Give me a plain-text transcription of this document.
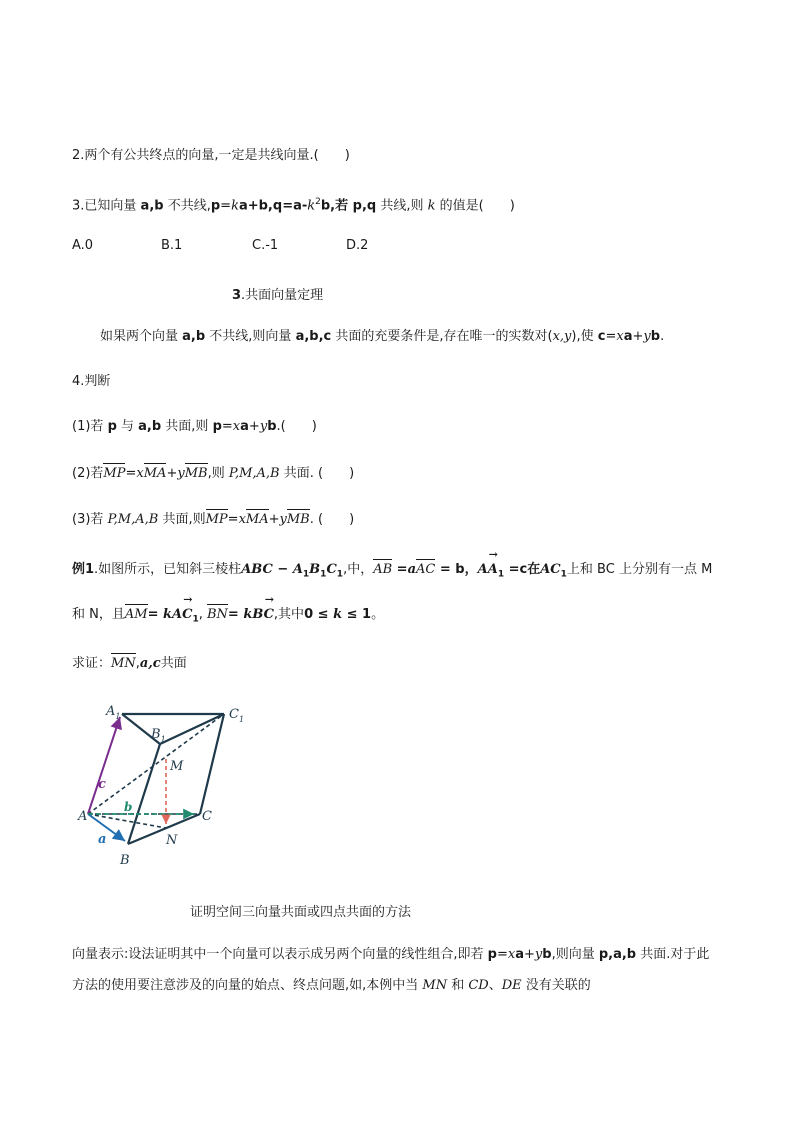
2.两个有公共终点的向量,一定是共线向量.(　　)
3.已知向量 a,b 不共线$,p=ka+b,q=a-k^2b$,若 p,q 共线,则 k 的值是(　　)
A.0	B.1	C.-1	D.2
3.共面向量定理
如果两个向量 a,b 不共线,则向量 a,b,c 共面的充要条件是,存在唯一的实数对(x,y),使 c=xa+yb.
4.判断
(1)若 p 与 a,b 共面,则 p=xa+yb.(　　)
(2)若MP=xMA+yMB,则 P,M,A,B 共面. (　　)
(3)若 P,M,A,B 共面,则MP=xMA+yMB. (　　)
例1.如图所示，已知斜三棱柱ABC − $A_1B_1C_1$,中，AB =aAC = b，→ $AA_1 =c$在$AC_1$上和 BC 上分别有一点 M
和 N，且$AM= k\to AC_1$, BN= k→ BC,其中0 ≤ k ≤ 1。
求证：MN,a,c共面
$A_1$	$C_1$
$B_1$
M
A	C
b
c
a	N
B
证明空间三向量共面或四点共面的方法
向量表示:设法证明其中一个向量可以表示成另两个向量的线性组合,即若 p=xa+yb,则向量 p,a,b 共面.对于此
方法的使用要注意涉及的向量的始点、终点问题,如,本例中当 MN 和 CD、DE 没有关联的
